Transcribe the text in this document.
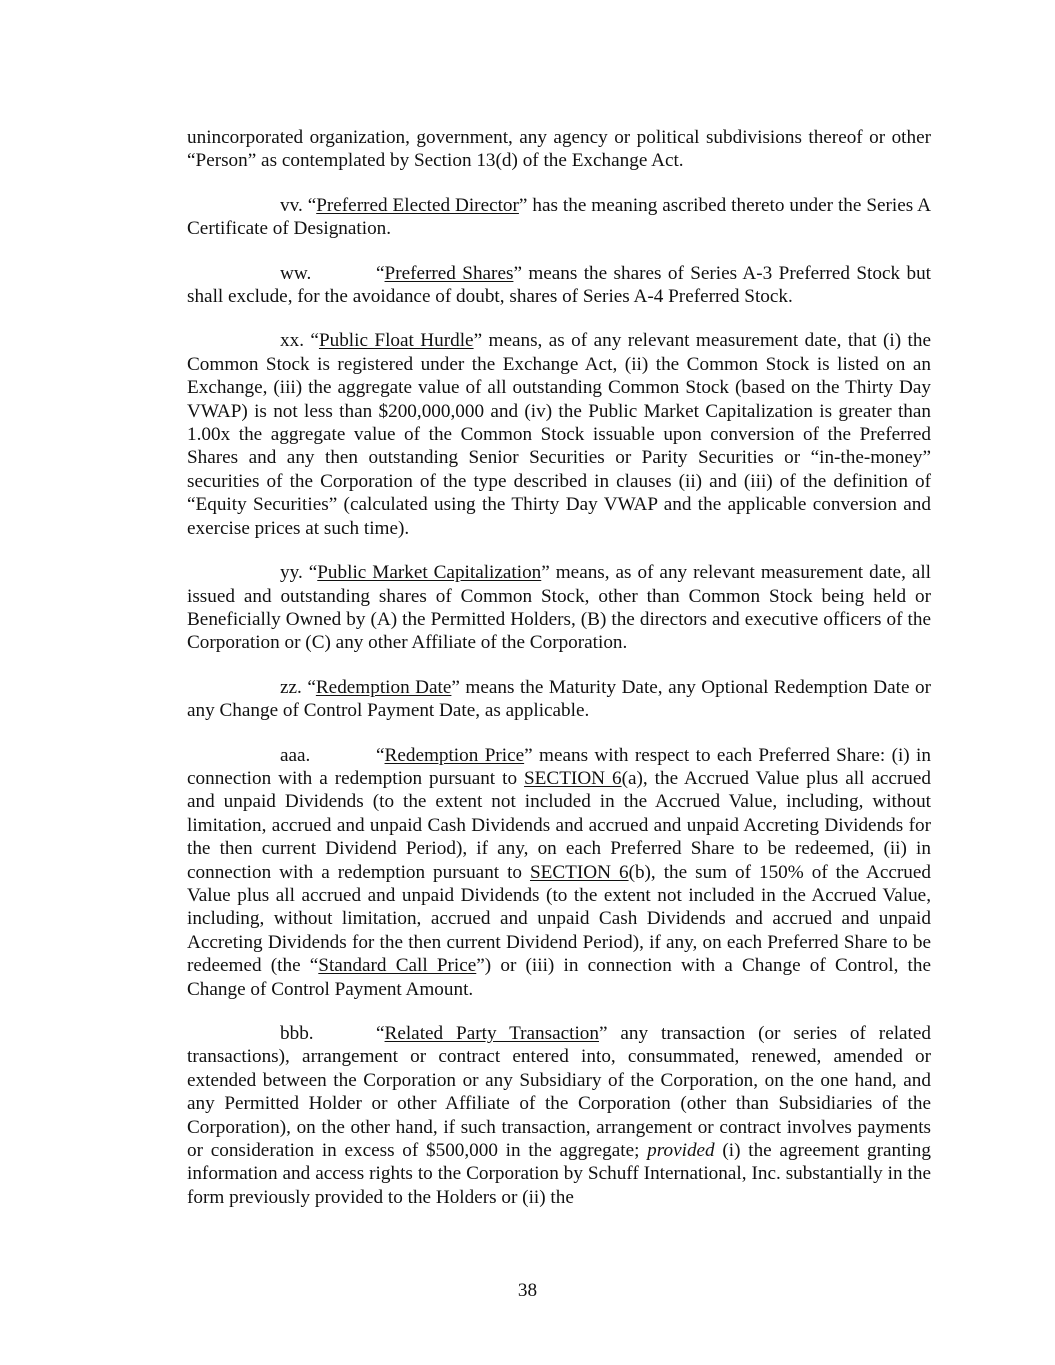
unincorporated organization, government, any agency or political subdivisions thereof or other “Person” as contemplated by Section 13(d) of the Exchange Act.

vv. “Preferred Elected Director” has the meaning ascribed thereto under the Series A Certificate of Designation.

ww.	“Preferred Shares” means the shares of Series A-3 Preferred Stock but shall exclude, for the avoidance of doubt, shares of Series A-4 Preferred Stock.

xx. “Public Float Hurdle” means, as of any relevant measurement date, that (i) the Common Stock is registered under the Exchange Act, (ii) the Common Stock is listed on an Exchange, (iii) the aggregate value of all outstanding Common Stock (based on the Thirty Day VWAP) is not less than $200,000,000 and (iv) the Public Market Capitalization is greater than 1.00x the aggregate value of the Common Stock issuable upon conversion of the Preferred Shares and any then outstanding Senior Securities or Parity Securities or “in-the-money” securities of the Corporation of the type described in clauses (ii) and (iii) of the definition of “Equity Securities” (calculated using the Thirty Day VWAP and the applicable conversion and exercise prices at such time).

yy. “Public Market Capitalization” means, as of any relevant measurement date, all issued and outstanding shares of Common Stock, other than Common Stock being held or Beneficially Owned by (A) the Permitted Holders, (B) the directors and executive officers of the Corporation or (C) any other Affiliate of the Corporation.

zz. “Redemption Date” means the Maturity Date, any Optional Redemption Date or any Change of Control Payment Date, as applicable.

aaa.	“Redemption Price” means with respect to each Preferred Share: (i) in connection with a redemption pursuant to SECTION 6(a), the Accrued Value plus all accrued and unpaid Dividends (to the extent not included in the Accrued Value, including, without limitation, accrued and unpaid Cash Dividends and accrued and unpaid Accreting Dividends for the then current Dividend Period), if any, on each Preferred Share to be redeemed, (ii) in connection with a redemption pursuant to SECTION 6(b), the sum of 150% of the Accrued Value plus all accrued and unpaid Dividends (to the extent not included in the Accrued Value, including, without limitation, accrued and unpaid Cash Dividends and accrued and unpaid Accreting Dividends for the then current Dividend Period), if any, on each Preferred Share to be redeemed (the “Standard Call Price”) or (iii) in connection with a Change of Control, the Change of Control Payment Amount.

bbb.	“Related Party Transaction” any transaction (or series of related transactions), arrangement or contract entered into, consummated, renewed, amended or extended between the Corporation or any Subsidiary of the Corporation, on the one hand, and any Permitted Holder or other Affiliate of the Corporation (other than Subsidiaries of the Corporation), on the other hand, if such transaction, arrangement or contract involves payments or consideration in excess of $500,000 in the aggregate; provided (i) the agreement granting information and access rights to the Corporation by Schuff International, Inc. substantially in the form previously provided to the Holders or (ii) the

38
